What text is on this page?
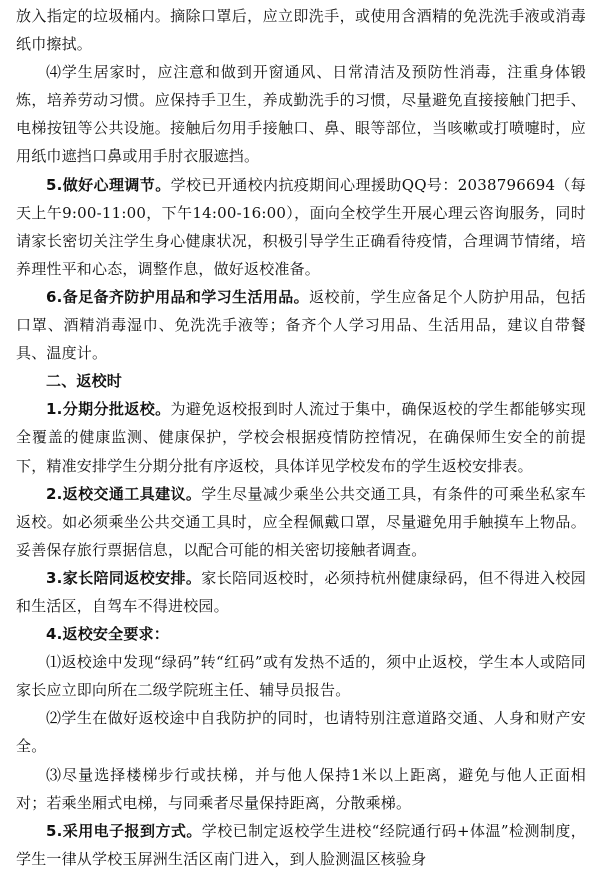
放入指定的垃圾桶内。摘除口罩后，应立即洗手，或使用含酒精的免洗洗手液或消毒纸巾擦拭。

⑷学生居家时，应注意和做到开窗通风、日常清洁及预防性消毒，注重身体锻炼，培养劳动习惯。应保持手卫生，养成勤洗手的习惯，尽量避免直接接触门把手、电梯按钮等公共设施。接触后勿用手接触口、鼻、眼等部位，当咳嗽或打喷嚏时，应用纸巾遮挡口鼻或用手肘衣服遮挡。

5.做好心理调节。学校已开通校内抗疫期间心理援助QQ号：2038796694（每天上午9:00-11:00，下午14:00-16:00），面向全校学生开展心理云咨询服务，同时请家长密切关注学生身心健康状况，积极引导学生正确看待疫情，合理调节情绪，培养理性平和心态，调整作息，做好返校准备。

6.备足备齐防护用品和学习生活用品。返校前，学生应备足个人防护用品，包括口罩、酒精消毒湿巾、免洗洗手液等；备齐个人学习用品、生活用品，建议自带餐具、温度计。

二、返校时

1.分期分批返校。为避免返校报到时人流过于集中，确保返校的学生都能够实现全覆盖的健康监测、健康保护，学校会根据疫情防控情况，在确保师生安全的前提下，精准安排学生分期分批有序返校，具体详见学校发布的学生返校安排表。

2.返校交通工具建议。学生尽量减少乘坐公共交通工具，有条件的可乘坐私家车返校。如必须乘坐公共交通工具时，应全程佩戴口罩，尽量避免用手触摸车上物品。妥善保存旅行票据信息，以配合可能的相关密切接触者调查。

3.家长陪同返校安排。家长陪同返校时，必须持杭州健康绿码，但不得进入校园和生活区，自驾车不得进校园。

4.返校安全要求：

⑴返校途中发现“绿码”转“红码”或有发热不适的，须中止返校，学生本人或陪同家长应立即向所在二级学院班主任、辅导员报告。

⑵学生在做好返校途中自我防护的同时，也请特别注意道路交通、人身和财产安全。

⑶尽量选择楼梯步行或扶梯，并与他人保持1米以上距离，避免与他人正面相对；若乘坐厢式电梯，与同乘者尽量保持距离，分散乘梯。

5.采用电子报到方式。学校已制定返校学生进校“经院通行码+体温”检测制度，学生一律从学校玉屏洲生活区南门进入，到人脸测温区核验身
